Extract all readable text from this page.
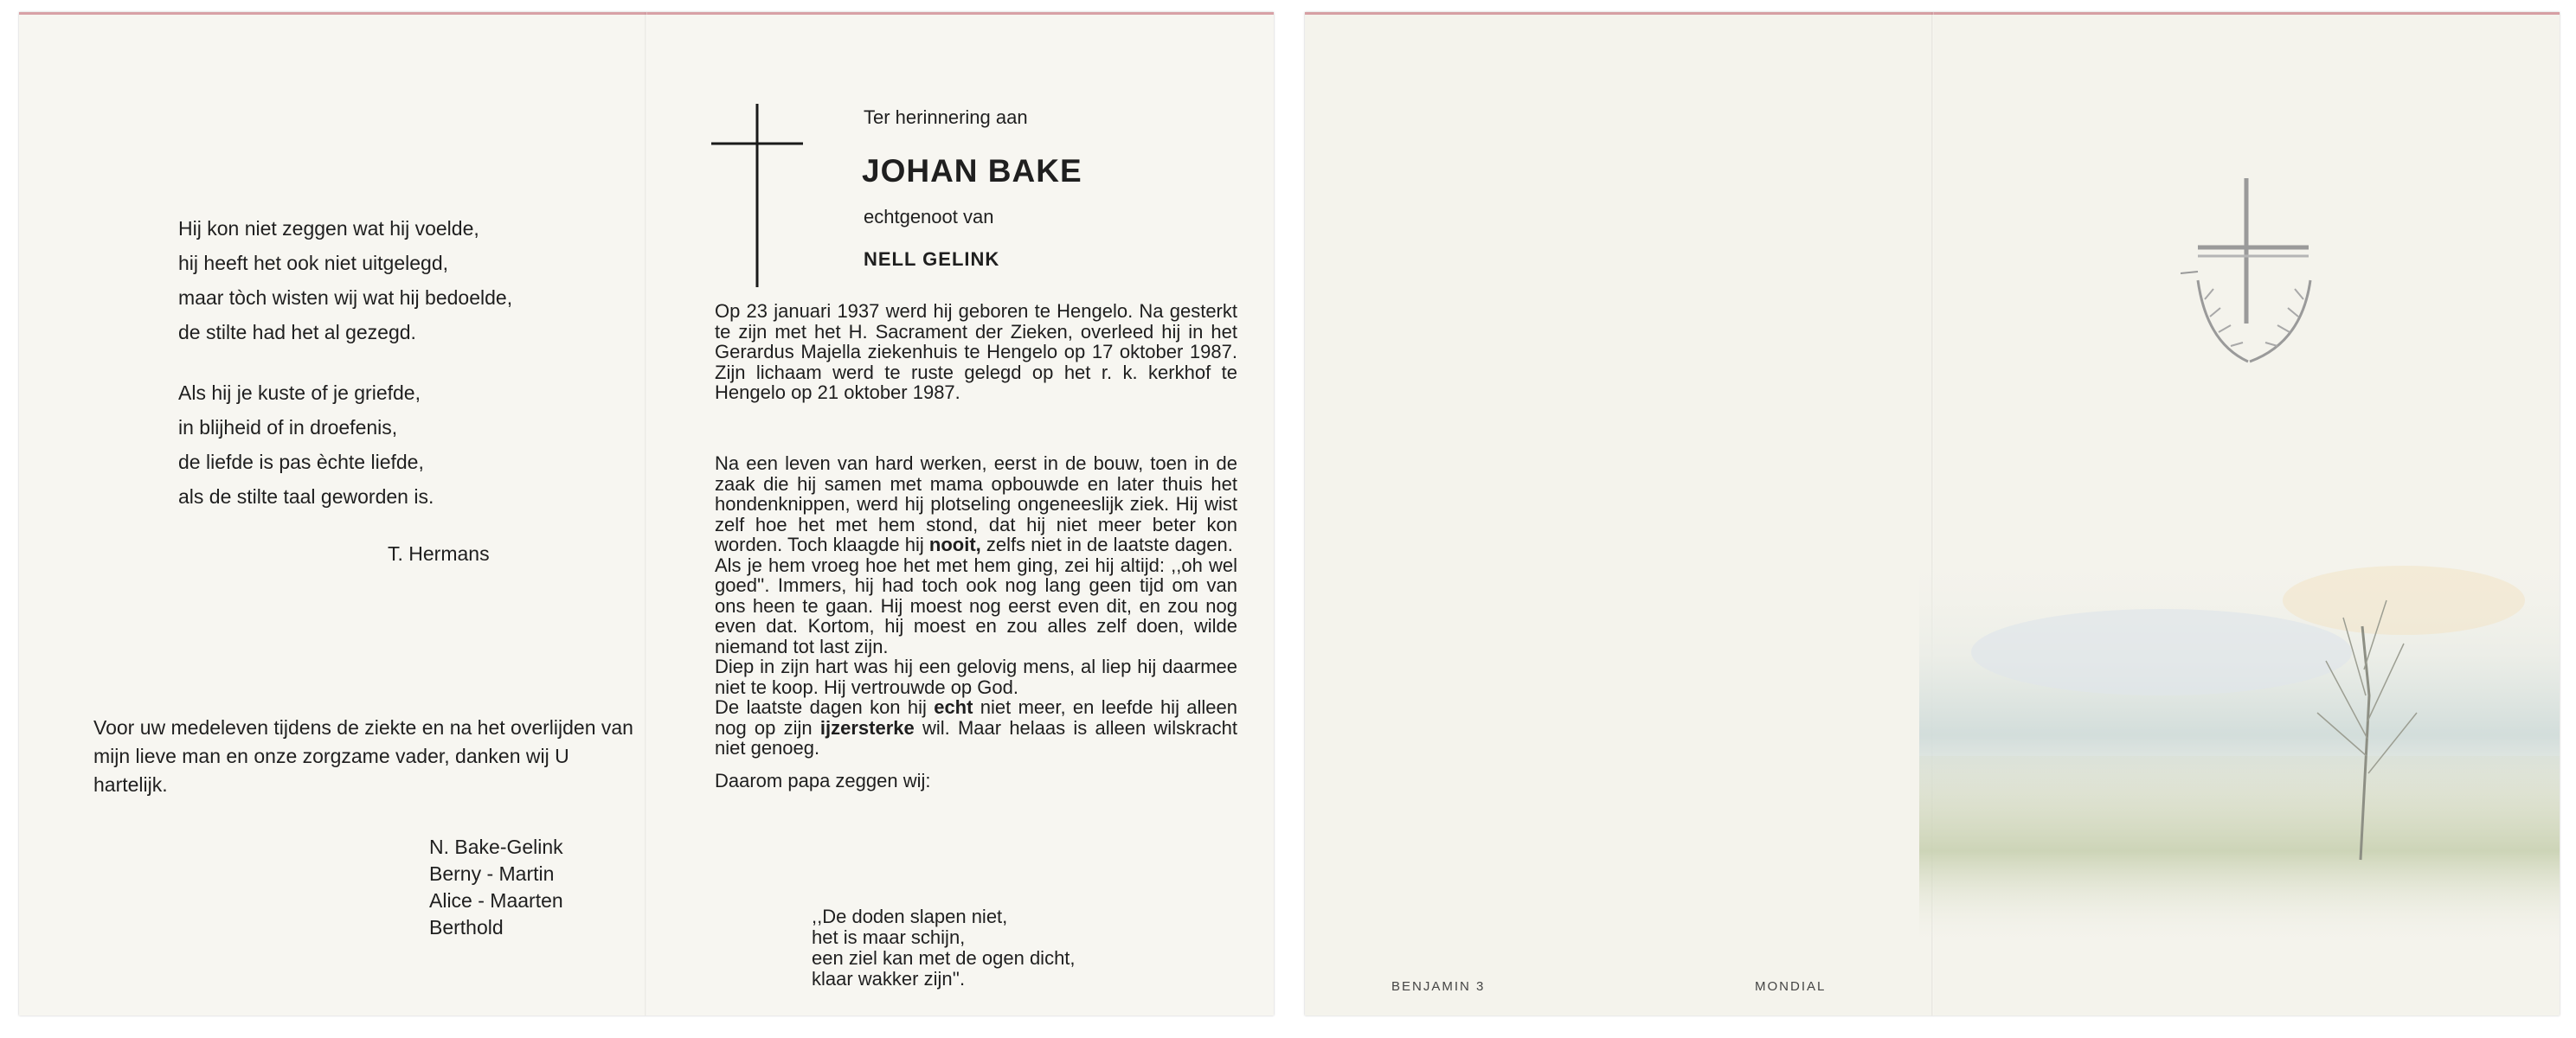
Hij kon niet zeggen wat hij voelde,

hij heeft het ook niet uitgelegd,

maar tòch wisten wij wat hij bedoelde,

de stilte had het al gezegd.

Als hij je kuste of je griefde,

in blijheid of in droefenis,

de liefde is pas èchte liefde,

als de stilte taal geworden is.

T. Hermans
Voor uw medeleven tijdens de ziekte en na het overlijden van mijn lieve man en onze zorgzame vader, danken wij U hartelijk.

N. Bake-Gelink

Berny - Martin

Alice - Maarten

Berthold

Ter herinnering aan
JOHAN BAKE
echtgenoot van
NELL GELINK

Op 23 januari 1937 werd hij geboren te Hengelo. Na gesterkt te zijn met het H. Sacrament der Zieken, overleed hij in het Gerardus Majella ziekenhuis te Hengelo op 17 oktober 1987. Zijn lichaam werd te ruste gelegd op het r. k. kerkhof te Hengelo op 21 oktober 1987.

Na een leven van hard werken, eerst in de bouw, toen in de zaak die hij samen met mama opbouwde en later thuis het hondenknippen, werd hij plotseling ongeneeslijk ziek. Hij wist zelf hoe het met hem stond, dat hij niet meer beter kon worden. Toch klaagde hij nooit, zelfs niet in de laatste dagen.

Als je hem vroeg hoe het met hem ging, zei hij altijd: ,,oh wel goed''. Immers, hij had toch ook nog lang geen tijd om van ons heen te gaan. Hij moest nog eerst even dit, en zou nog even dat. Kortom, hij moest en zou alles zelf doen, wilde niemand tot last zijn.

Diep in zijn hart was hij een gelovig mens, al liep hij daarmee niet te koop. Hij vertrouwde op God.

De laatste dagen kon hij echt niet meer, en leefde hij alleen nog op zijn ijzersterke wil. Maar helaas is alleen wilskracht niet genoeg.

Daarom papa zeggen wij:

,,De doden slapen niet,

het is maar schijn,

een ziel kan met de ogen dicht,

klaar wakker zijn''.	BENJAMIN 3	MONDIAL
